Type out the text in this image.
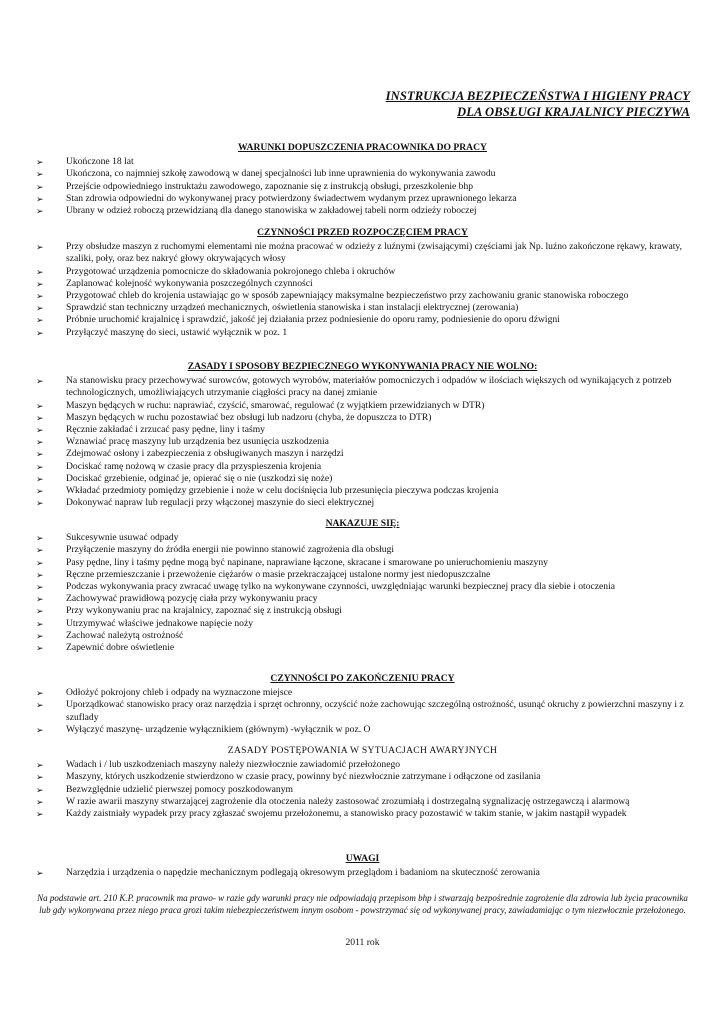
INSTRUKCJA BEZPIECZEŃSTWA I HIGIENY PRACY
DLA OBSŁUGI KRAJALNICY PIECZYWA
WARUNKI DOPUSZCZENIA PRACOWNIKA DO PRACY
➢ Ukończone 18 lat
➢ Ukończona, co najmniej szkołę zawodową w danej specjalności lub inne uprawnienia do wykonywania zawodu
➢ Przejście odpowiedniego instruktażu zawodowego, zapoznanie się z instrukcją obsługi, przeszkolenie bhp
➢ Stan zdrowia odpowiedni do wykonywanej pracy potwierdzony świadectwem wydanym przez uprawnionego lekarza
➢ Ubrany w odzież roboczą przewidzianą dla danego stanowiska w zakładowej tabeli norm odzieży roboczej
CZYNNOŚCI PRZED ROZPOCZĘCIEM PRACY
➢ Przy obsłudze maszyn z ruchomymi elementami nie można pracować w odzieży z luźnymi (zwisającymi) częściami jak Np. luźno zakończone rękawy, krawaty, szaliki, poły, oraz bez nakryć głowy okrywających włosy
➢ Przygotować urządzenia pomocnicze do składowania pokrojonego chleba i okruchów
➢ Zaplanować kolejność wykonywania poszczególnych czynności
➢ Przygotować chleb do krojenia ustawiając go w sposób zapewniający maksymalne bezpieczeństwo przy zachowaniu granic stanowiska roboczego
➢ Sprawdzić stan techniczny urządzeń mechanicznych, oświetlenia stanowiska i stan instalacji elektrycznej (zerowania)
➢ Próbnie uruchomić krajalnicę i sprawdzić, jakość jej działania przez podniesienie do oporu ramy, podniesienie do oporu dźwigni
➢ Przyłączyć maszynę do sieci, ustawić wyłącznik w poz. 1
ZASADY I SPOSOBY BEZPIECZNEGO WYKONYWANIA PRACY NIE WOLNO:
➢ Na stanowisku pracy przechowywać surowców, gotowych wyrobów, materiałów pomocniczych i odpadów w ilościach większych od wynikających z potrzeb technologicznych, umożliwiających utrzymanie ciągłości pracy na danej zmianie
➢ Maszyn będących w ruchu: naprawiać, czyścić, smarować, regulować (z wyjątkiem przewidzianych w DTR)
➢ Maszyn będących w ruchu pozostawiać bez obsługi lub nadzoru (chyba, że dopuszcza to DTR)
➢ Ręcznie zakładać i zrzucać pasy pędne, liny i taśmy
➢ Wznawiać pracę maszyny lub urządzenia bez usunięcia uszkodzenia
➢ Zdejmować osłony i zabezpieczenia z obsługiwanych maszyn i narzędzi
➢ Dociskać ramę nożową w czasie pracy dla przyspieszenia krojenia
➢ Dociskać grzebienie, odginać je, opierać się o nie (uszkodzi się noże)
➢ Wkładać przedmioty pomiędzy grzebienie i noże w celu dociśnięcia lub przesunięcia pieczywa podczas krojenia
➢ Dokonywać napraw lub regulacji przy włączonej maszynie do sieci elektrycznej
NAKAZUJE SIĘ:
➢ Sukcesywnie usuwać odpady
➢ Przyłączenie maszyny do źródła energii nie powinno stanowić zagrożenia dla obsługi
➢ Pasy pędne, liny i taśmy pędne mogą być napinane, naprawiane łączone, skracane i smarowane po unieruchomieniu maszyny
➢ Ręczne przemieszczanie i przewożenie ciężarów o masie przekraczającej ustalone normy jest niedopuszczalne
➢ Podczas wykonywania pracy zwracać uwagę tylko na wykonywane czynności, uwzględniając warunki bezpiecznej pracy dla siebie i otoczenia
➢ Zachowywać prawidłową pozycję ciała przy wykonywaniu pracy
➢ Przy wykonywaniu prac na krajalnicy, zapoznać się z instrukcją obsługi
➢ Utrzymywać właściwe jednakowe napięcie noży
➢ Zachować należytą ostrożność
➢ Zapewnić dobre oświetlenie
CZYNNOŚCI PO ZAKOŃCZENIU PRACY
➢ Odłożyć pokrojony chleb i odpady na wyznaczone miejsce
➢ Uporządkować stanowisko pracy oraz narzędzia i sprzęt ochronny, oczyścić noże zachowując szczególną ostrożność, usunąć okruchy z powierzchni maszyny i z szuflady
➢ Wyłączyć maszynę- urządzenie wyłącznikiem (głównym) -wyłącznik w poz. O
ZASADY POSTĘPOWANIA W SYTUACJACH AWARYJNYCH
➢ Wadach i / lub uszkodzeniach maszyny należy niezwłocznie zawiadomić przełożonego
➢ Maszyny, których uszkodzenie stwierdzono w czasie pracy, powinny być niezwłocznie zatrzymane i odłączone od zasilania
➢ Bezwzględnie udzielić pierwszej pomocy poszkodowanym
➢ W razie awarii maszyny stwarzającej zagrożenie dla otoczenia należy zastosować zrozumiałą i dostrzegalną sygnalizację ostrzegawczą i alarmową
➢ Każdy zaistniały wypadek przy pracy zgłaszać swojemu przełożonemu, a stanowisko pracy pozostawić w takim stanie, w jakim nastąpił wypadek
UWAGI
➢ Narzędzia i urządzenia o napędzie mechanicznym podlegają okresowym przeglądom i badaniom na skuteczność zerowania
Na podstawie art. 210 K.P. pracownik ma prawo- w razie gdy warunki pracy nie odpowiadają przepisom bhp i stwarzają bezpośrednie zagrożenie dla zdrowia lub życia pracownika lub gdy wykonywana przez niego praca grozi takim niebezpieczeństwem innym osobom - powstrzymać się od wykonywanej pracy, zawiadamiając o tym niezwłocznie przełożonego.
2011 rok
